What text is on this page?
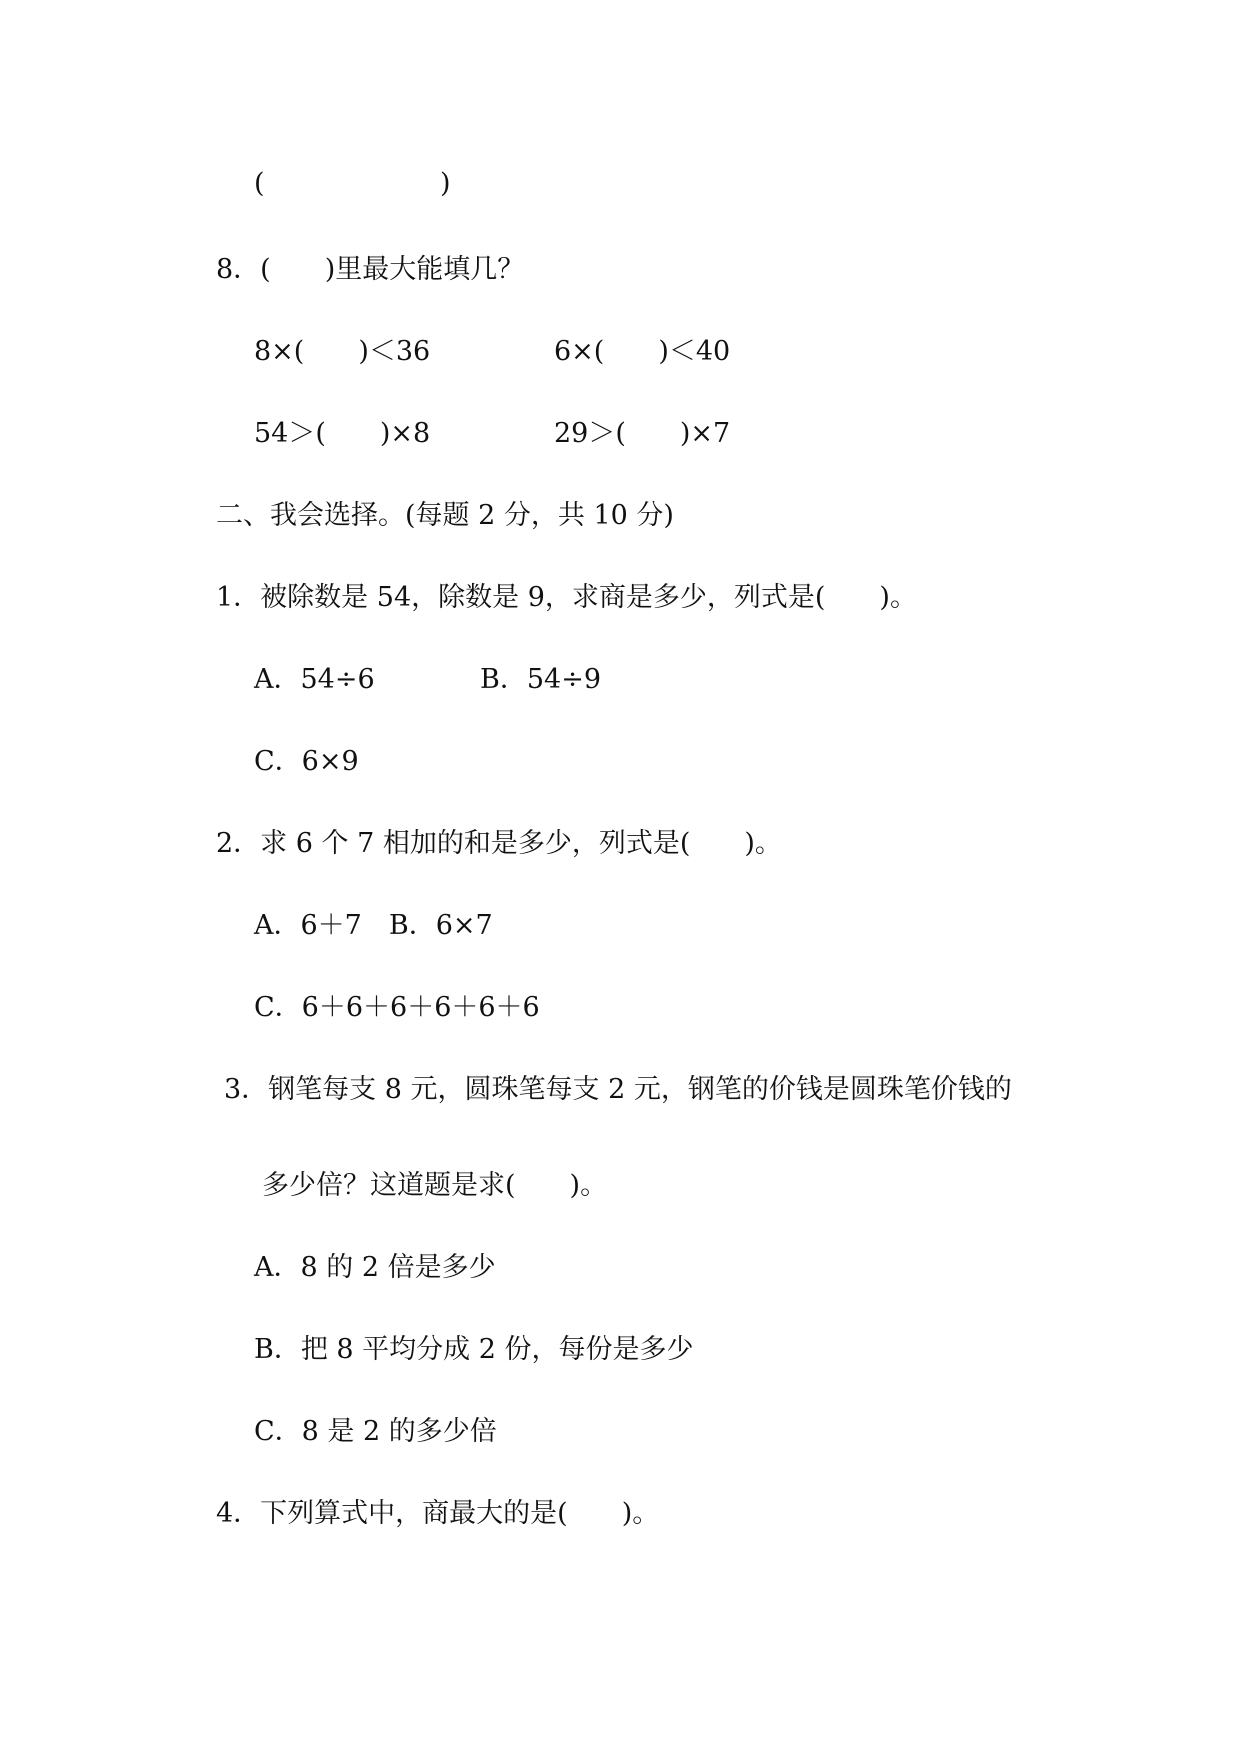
(	)
8．(　　)里最大能填几？
8×(　　)＜36	6×(　　)＜40
54＞(　　)×8	29＞(　　)×7
二、我会选择。(每题 2 分，共 10 分)
1．被除数是 54，除数是 9，求商是多少，列式是(　　)。
A．54÷6	B．54÷9
C．6×9
2．求 6 个 7 相加的和是多少，列式是(　　)。
A．6＋7　B．6×7
C．6＋6＋6＋6＋6＋6
3．钢笔每支 8 元，圆珠笔每支 2 元，钢笔的价钱是圆珠笔价钱的
多少倍？这道题是求(　　)。
A．8 的 2 倍是多少
B．把 8 平均分成 2 份，每份是多少
C．8 是 2 的多少倍
4．下列算式中，商最大的是(　　)。
